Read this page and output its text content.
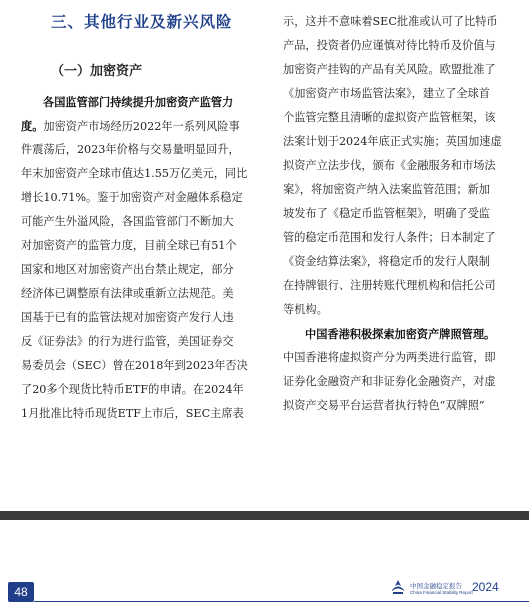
三、其他行业及新兴风险
（一）加密资产
各国监管部门持续提升加密资产监管力
度。加密资产市场经历2022年一系列风险事
件震荡后，2023年价格与交易量明显回升，
年末加密资产全球市值达1.55万亿美元，同比
增长10.71%。鉴于加密资产对金融体系稳定
可能产生外溢风险，各国监管部门不断加大
对加密资产的监管力度，目前全球已有51个
国家和地区对加密资产出台禁止规定，部分
经济体已调整原有法律或重新立法规范。美
国基于已有的监管法规对加密资产发行人违
反《证券法》的行为进行监管，美国证券交
易委员会（SEC）曾在2018年到2023年否决
了20多个现货比特币ETF的申请。在2024年
1月批准比特币现货ETF上市后，SEC主席表
示，这并不意味着SEC批准或认可了比特币
产品，投资者仍应谨慎对待比特币及价值与
加密资产挂钩的产品有关风险。欧盟批准了
《加密资产市场监管法案》，建立了全球首
个监管完整且清晰的虚拟资产监管框架，该
法案计划于2024年底正式实施；英国加速虚
拟资产立法步伐，颁布《金融服务和市场法
案》，将加密资产纳入法案监管范围；新加
坡发布了《稳定币监管框架》，明确了受监
管的稳定币范围和发行人条件；日本制定了
《资金结算法案》，将稳定币的发行人限制
在持牌银行、注册转账代理机构和信托公司
等机构。
中国香港积极探索加密资产牌照管理。
中国香港将虚拟资产分为两类进行监管，即
证券化金融资产和非证券化金融资产，对虚
拟资产交易平台运营者执行特色“双牌照”
48	中国金融稳定报告
China Financial Stability Report 2024
